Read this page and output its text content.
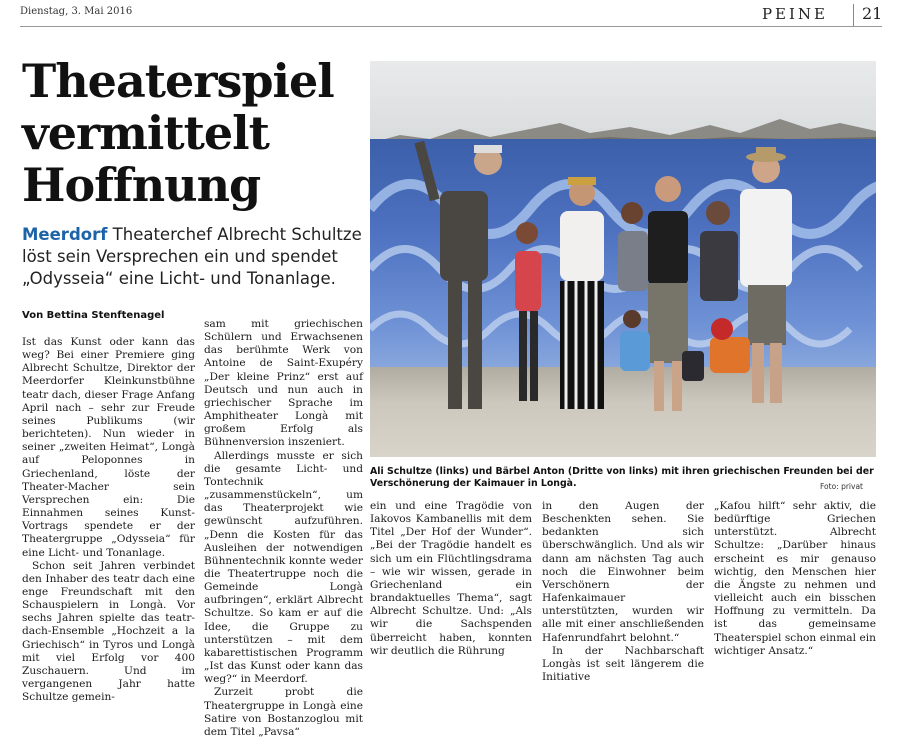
Dienstag, 3. Mai 2016	PEINE 21
Theaterspiel vermittelt Hoffnung

Meerdorf Theaterchef Albrecht Schultze löst sein Versprechen ein und spendet „Odysseia“ eine Licht- und Tonanlage.

Von Bettina Stenftenagel

Ist das Kunst oder kann das weg? Bei einer Premiere ging Albrecht Schultze, Direktor der Meerdorfer Kleinkunstbühne teatr dach, dieser Frage Anfang April nach – sehr zur Freude seines Publikums (wir berichteten). Nun wieder in seiner „zweiten Heimat“, Longà auf Peloponnes in Griechenland, löste der Theater-Macher sein Versprechen ein: Die Einnahmen seines Kunst-Vortrags spendete er der Theatergruppe „Odysseia“ für eine Licht- und Tonanlage.

Schon seit Jahren verbindet den Inhaber des teatr dach eine enge Freundschaft mit den Schauspielern in Longà. Vor sechs Jahren spielte das teatr-dach-Ensemble „Hochzeit a la Griechisch“ in Tyros und Longà mit viel Erfolg vor 400 Zuschauern. Und im vergangenen Jahr hatte Schultze gemein-

sam mit griechischen Schülern und Erwachsenen das berühmte Werk von Antoine de Saint-Exupéry „Der kleine Prinz“ erst auf Deutsch und nun auch in griechischer Sprache im Amphitheater Longà mit großem Erfolg als Bühnenversion inszeniert.

Allerdings musste er sich die gesamte Licht- und Tontechnik „zusammenstückeln“, um das Theaterprojekt wie gewünscht aufzuführen. „Denn die Kosten für das Ausleihen der notwendigen Bühnentechnik konnte weder die Theatertruppe noch die Gemeinde Longà aufbringen“, erklärt Albrecht Schultze. So kam er auf die Idee, die Gruppe zu unterstützen – mit dem kabarettistischen Programm „Ist das Kunst oder kann das weg?“ in Meerdorf.

Zurzeit probt die Theatergruppe in Longà eine Satire von Bostanzoglou mit dem Titel „Pavsa“

Ali Schultze (links) und Bärbel Anton (Dritte von links) mit ihren griechischen Freunden bei der Verschönerung der Kaimauer in Longà.	Foto: privat

ein und eine Tragödie von Iakovos Kambanellis mit dem Titel „Der Hof der Wunder“. „Bei der Tragödie handelt es sich um ein Flüchtlingsdrama – wie wir wissen, gerade in Griechenland ein brandaktuelles Thema“, sagt Albrecht Schultze. Und: „Als wir die Sachspenden überreicht haben, konnten wir deutlich die Rührung

in den Augen der Beschenkten sehen. Sie bedankten sich überschwänglich. Und als wir dann am nächsten Tag auch noch die Einwohner beim Verschönern der Hafenkaimauer unterstützten, wurden wir alle mit einer anschließenden Hafenrundfahrt belohnt.“

In der Nachbarschaft Longàs ist seit längerem die Initiative

„Kafou hilft“ sehr aktiv, die bedürftige Griechen unterstützt. Albrecht Schultze: „Darüber hinaus erscheint es mir genauso wichtig, den Menschen hier die Ängste zu nehmen und vielleicht auch ein bisschen Hoffnung zu vermitteln. Da ist das gemeinsame Theaterspiel schon einmal ein wichtiger Ansatz.“
